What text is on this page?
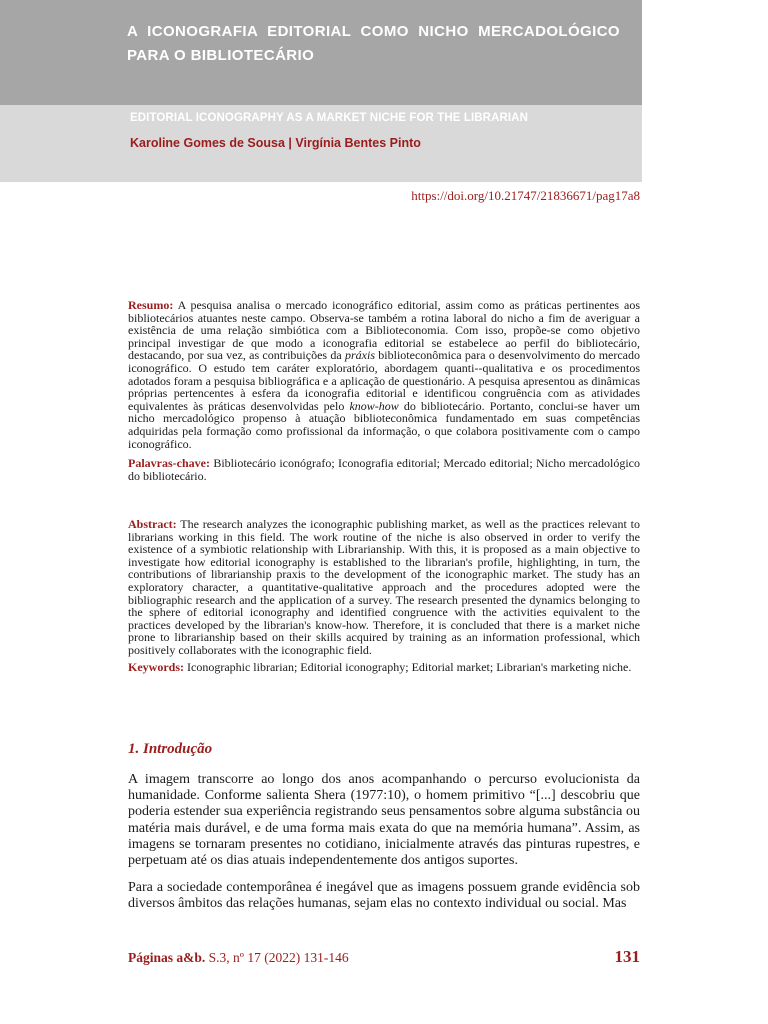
A ICONOGRAFIA EDITORIAL COMO NICHO MERCADOLÓGICO PARA O BIBLIOTECÁRIO

EDITORIAL ICONOGRAPHY AS A MARKET NICHE FOR THE LIBRARIAN

Karoline Gomes de Sousa | Virgínia Bentes Pinto

https://doi.org/10.21747/21836671/pag17a8

Resumo: A pesquisa analisa o mercado iconográfico editorial, assim como as práticas pertinentes aos bibliotecários atuantes neste campo. Observa-se também a rotina laboral do nicho a fim de averiguar a existência de uma relação simbiótica com a Biblioteconomia. Com isso, propõe-se como objetivo principal investigar de que modo a iconografia editorial se estabelece ao perfil do bibliotecário, destacando, por sua vez, as contribuições da práxis biblioteconômica para o desenvolvimento do mercado iconográfico. O estudo tem caráter exploratório, abordagem quanti--qualitativa e os procedimentos adotados foram a pesquisa bibliográfica e a aplicação de questionário. A pesquisa apresentou as dinâmicas próprias pertencentes à esfera da iconografia editorial e identificou congruência com as atividades equivalentes às práticas desenvolvidas pelo know-how do bibliotecário. Portanto, conclui-se haver um nicho mercadológico propenso à atuação biblioteconômica fundamentado em suas competências adquiridas pela formação como profissional da informação, o que colabora positivamente com o campo iconográfico.

Palavras-chave: Bibliotecário iconógrafo; Iconografia editorial; Mercado editorial; Nicho mercadológico do bibliotecário.

Abstract: The research analyzes the iconographic publishing market, as well as the practices relevant to librarians working in this field. The work routine of the niche is also observed in order to verify the existence of a symbiotic relationship with Librarianship. With this, it is proposed as a main objective to investigate how editorial iconography is established to the librarian's profile, highlighting, in turn, the contributions of librarianship praxis to the development of the iconographic market. The study has an exploratory character, a quantitative-qualitative approach and the procedures adopted were the bibliographic research and the application of a survey. The research presented the dynamics belonging to the sphere of editorial iconography and identified congruence with the activities equivalent to the practices developed by the librarian's know-how. Therefore, it is concluded that there is a market niche prone to librarianship based on their skills acquired by training as an information professional, which positively collaborates with the iconographic field.

Keywords: Iconographic librarian; Editorial iconography; Editorial market; Librarian's marketing niche.

1. Introdução

A imagem transcorre ao longo dos anos acompanhando o percurso evolucionista da humanidade. Conforme salienta Shera (1977:10), o homem primitivo “[...] descobriu que poderia estender sua experiência registrando seus pensamentos sobre alguma substância ou matéria mais durável, e de uma forma mais exata do que na memória humana”. Assim, as imagens se tornaram presentes no cotidiano, inicialmente através das pinturas rupestres, e perpetuam até os dias atuais independentemente dos antigos suportes.

Para a sociedade contemporânea é inegável que as imagens possuem grande evidência sob diversos âmbitos das relações humanas, sejam elas no contexto individual ou social. Mas

Páginas a&b. S.3, nº 17 (2022) 131-146	131
